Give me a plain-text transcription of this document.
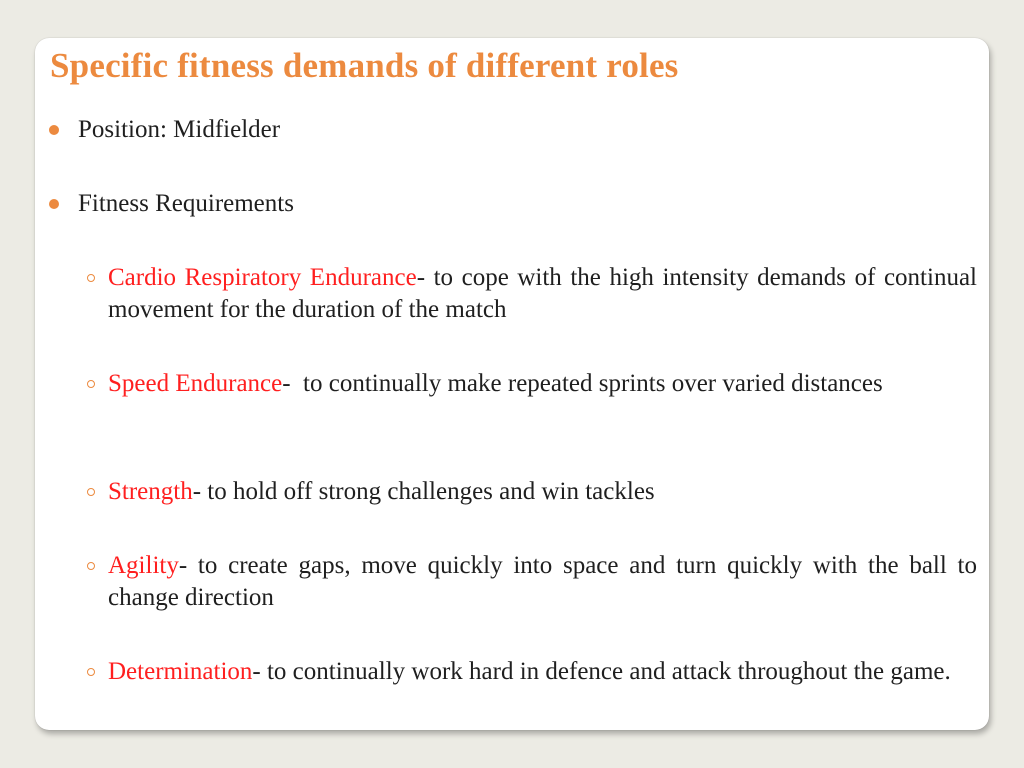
Specific fitness demands of different roles

Position: Midfielder

Fitness Requirements

Cardio Respiratory Endurance- to cope with the high intensity demands of continual movement for the duration of the match

Speed Endurance-  to continually make repeated sprints over varied distances

Strength- to hold off strong challenges and win tackles

Agility- to create gaps, move quickly into space and turn quickly with the ball to change direction

Determination- to continually work hard in defence and attack throughout the game.
